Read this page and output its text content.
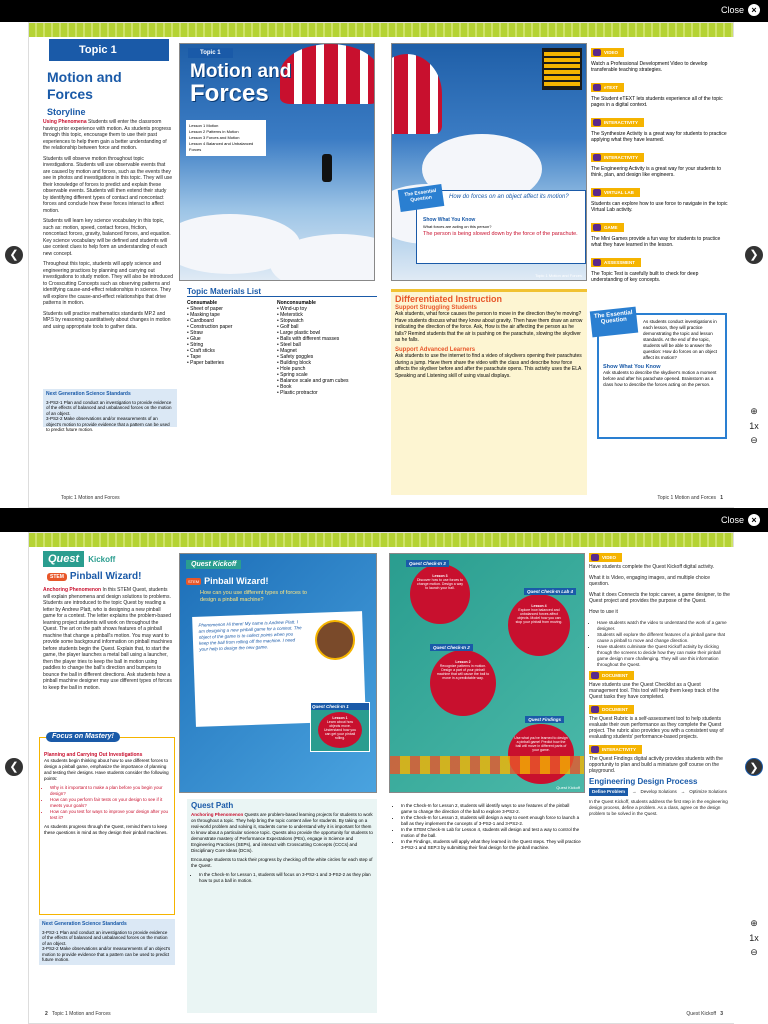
Close ×
❮	❯
⊕
1x
⊖
Topic 1
Motion and Forces
Storyline

Using Phenomena Students will enter the classroom having prior experience with motion. As students progress through this topic, encourage them to use their past experiences to help them gain a better understanding of the relationship between force and motion.

Students will observe motion throughout topic investigations. Students will use observable events that are caused by motion and forces, such as the events they see in photos and investigations in this topic. They will use their knowledge of forces to predict and explain these observable events. Students will then extend their study by identifying different types of contact and noncontact forces and conclude how these forces interact to affect motion.

Students will learn key science vocabulary in this topic, such as: motion, speed, contact forces, friction, noncontact forces, gravity, balanced forces, and equation. Key science vocabulary will be defined and students will use context clues to help form an understanding of each new concept.

Throughout this topic, students will apply science and engineering practices by planning and carrying out investigations to study motion. They will also be introduced to Crosscutting Concepts such as observing patterns and identifying cause-and-effect relationships in science. They will explore the cause-and-effect relationships that drive patterns in motion.

Students will practice mathematics standards MP.2 and MP.5 by reasoning quantitatively about changes in motion and using appropriate tools to gather data.

Next Generation Science Standards
3-PS2-1 Plan and conduct an investigation to provide evidence of the effects of balanced and unbalanced forces on the motion of an object.
3-PS2-2 Make observations and/or measurements of an object's motion to provide evidence that a pattern can be used to predict future motion.
Topic 1 Motion and Forces
Topic 1
Motion and
Forces
Lesson 1 Motion
Lesson 2 Patterns in Motion
Lesson 3 Forces and Motion
Lesson 4 Balanced and Unbalanced Forces
Topic Materials List
Consumable
• Sheet of paper
• Masking tape
• Cardboard
• Construction paper
• Straw
• Glue
• String
• Craft sticks
• Tape
• Paper batteries
Nonconsumable
• Wind-up toy
• Meterstick
• Stopwatch
• Golf ball
• Large plastic bowl
• Balls with different masses
• Steel ball
• Magnet
• Safety goggles
• Building block
• Hole punch
• Spring scale
• Balance scale and gram cubes
• Book
• Plastic protractor
The Essential Question	How do forces on an object affect its motion?
Show What You Know
What forces are acting on this person?
The person is being slowed down by the force of the parachute.
Topic 1 Motion and Forces
Differentiated Instruction
Support Struggling Students

Ask students, what force causes the person to move in the direction they're moving? Have students discuss what they know about gravity. Then have them draw an arrow indicating the direction of the force. Ask, How is the air affecting the person as he falls? Remind students that the air is pushing on the parachute, slowing the skydiver as he falls.

Support Advanced Learners

Ask students to use the internet to find a video of skydivers opening their parachutes during a jump. Have them share the video with the class and describe how force affects the skydiver before and after the parachute opens. This activity uses the ELA Speaking and Listening skill of using visual displays.

VIDEO
Watch a Professional Development Video to develop transferable teaching strategies.
eTEXT
The Student eTEXT lets students experience all of the topic pages in a digital context.
INTERACTIVITY
The Synthesize Activity is a great way for students to practice applying what they have learned.
INTERACTIVITY
The Engineering Activity is a great way for your students to think, plan, and design like engineers.
VIRTUAL LAB
Students can explore how to use force to navigate in the topic Virtual Lab activity.
GAME
The Mini Games provide a fun way for students to practice what they have learned in the lesson.
ASSESSMENT
The Topic Test is carefully built to check for deep understanding of key concepts.
The Essential Question	As students conduct investigations in each lesson, they will practice demonstrating the topic and lesson standards. At the end of the topic, students will be able to answer the question: How do forces on an object affect its motion?

Show What You Know

Ask students to describe the skydiver's motion a moment before and after his parachute opened. Brainstorm as a class how to describe the forces acting on the person.

Topic 1 Motion and Forces 1
Close ×
❮	❯
⊕
1x
⊖
Quest	Kickoff
STEM Pinball Wizard!

Anchoring Phenomenon In this STEM Quest, students will explain phenomena and design solutions to problems. Students are introduced to the topic Quest by reading a letter by Andrew Platt, who is designing a new pinball game for a contest. The letter explains the problem-based learning project students will work on throughout the Quest. The art on the path shows features of a pinball machine that change a pinball's motion. You may want to provide some background information on pinball machines before students begin the Quest. Explain that, to start the game, the player launches a metal ball using a launcher, then the player tries to keep the ball in motion using paddles to change the ball's direction and bumpers to bounce the ball in different directions. Ask students how a pinball machine designer may use different types of forces to keep the ball in motion.

Focus on Mastery!
Planning and Carrying Out Investigations

As students begin thinking about how to use different forces to design a pinball game, emphasize the importance of planning and testing their designs. Have students consider the following points:

• Why is it important to make a plan before you begin your design?
• How can you perform fair tests on your design to see if it meets your goals?
• How can you test for ways to improve your design after you test it?

As students progress through the Quest, remind them to keep these questions in mind as they design their pinball machines.

Next Generation Science Standards
3-PS2-1 Plan and conduct an investigation to provide evidence of the effects of balanced and unbalanced forces on the motion of an object.
3-PS2-2 Make observations and/or measurements of an object's motion to provide evidence that a pattern can be used to predict future motion.
2 Topic 1 Motion and Forces
Quest Kickoff
STEM Pinball Wizard!
How can you use different types of forces to design a pinball machine?
Phenomenon Hi there! My name is Andrew Platt. I am designing a new pinball game for a contest. The object of the game is to collect points when you keep the ball from rolling off the machine. I need your help to design the new game.
Quest Check-In 1
Lesson 1
Learn about how objects move. Understand how you can get your pinball rolling.
Quest Path

Anchoring Phenomenon Quests are problem-based learning projects for students to work on throughout a topic. They help bring the topic content alive for students. By taking on a real-world problem and solving it, students come to understand why it is important for them to know about a particular science topic. Quests also provide the opportunity for students to demonstrate mastery of Performance Expectations (PEs), engage in Science and Engineering Practices (SEPs), and interact with Crosscutting Concepts (CCCs) and Disciplinary Core Ideas (DCIs).

Encourage students to track their progress by checking off the white circles for each step of the Quest.

• In the Check-In for Lesson 1, students will focus on 3-PS2-1 and 3-PS2-2 as they plan how to put a ball in motion.
Lesson 3
Discover how to use forces to change motion. Design a way to launch your ball.
Quest Check-In 3
Lesson 4
Explore how balanced and unbalanced forces affect objects. Model how you can stop your pinball from moving.
Quest Check-In Lab 4
Lesson 2
Recognize patterns in motion. Design a part of your pinball machine that will cause the ball to move in a predictable way.
Quest Check-In 2
Use what you've learned to design a pinball game! Predict how the ball will move in different parts of your game.
Quest Findings
Quest Kickoff
• In the Check-In for Lesson 2, students will identify ways to use features of the pinball game to change the direction of the ball to explore 3-PS2-2.
• In the Check-In for Lesson 3, students will design a way to exert enough force to launch a ball as they implement the concepts of 3-PS2-1 and 3-PS2-2.
• In the STEM Check-In Lab for Lesson 4, students will design and test a way to control the motion of the ball.
• In the Findings, students will apply what they learned in the Quest steps. They will practice 3-PS2-1 and SEP.3 by submitting their final design for the pinball machine.
VIDEO
Have students complete the Quest Kickoff digital activity.
What it is Video, engaging images, and multiple choice question.
What it does Connects the topic career, a game designer, to the Quest project and provides the purpose of the Quest.
How to use it
• Have students watch the video to understand the work of a game designer.
• Students will explore the different features of a pinball game that cause a pinball to move and change direction.
• Have students culminate the Quest Kickoff activity by clicking through the screens to decide how they can make their pinball game design more challenging. They will use this information throughout the Quest.
DOCUMENT
Have students use the Quest Checklist as a Quest management tool. This tool will help them keep track of the Quest tasks they have completed.
DOCUMENT
The Quest Rubric is a self-assessment tool to help students evaluate their own performance as they complete the Quest project. The rubric also provides you with a consistent way of evaluating students' performance-based projects.
INTERACTIVITY
The Quest Findings digital activity provides students with the opportunity to plan and build a miniature golf course on the playground.
Engineering Design Process
Define Problem	→ Develop Solutions → Optimize Solutions

In the Quest Kickoff, students address the first step in the engineering design process, define a problem. As a class, agree on the design problem to be solved in the Quest.

Quest Kickoff 3
